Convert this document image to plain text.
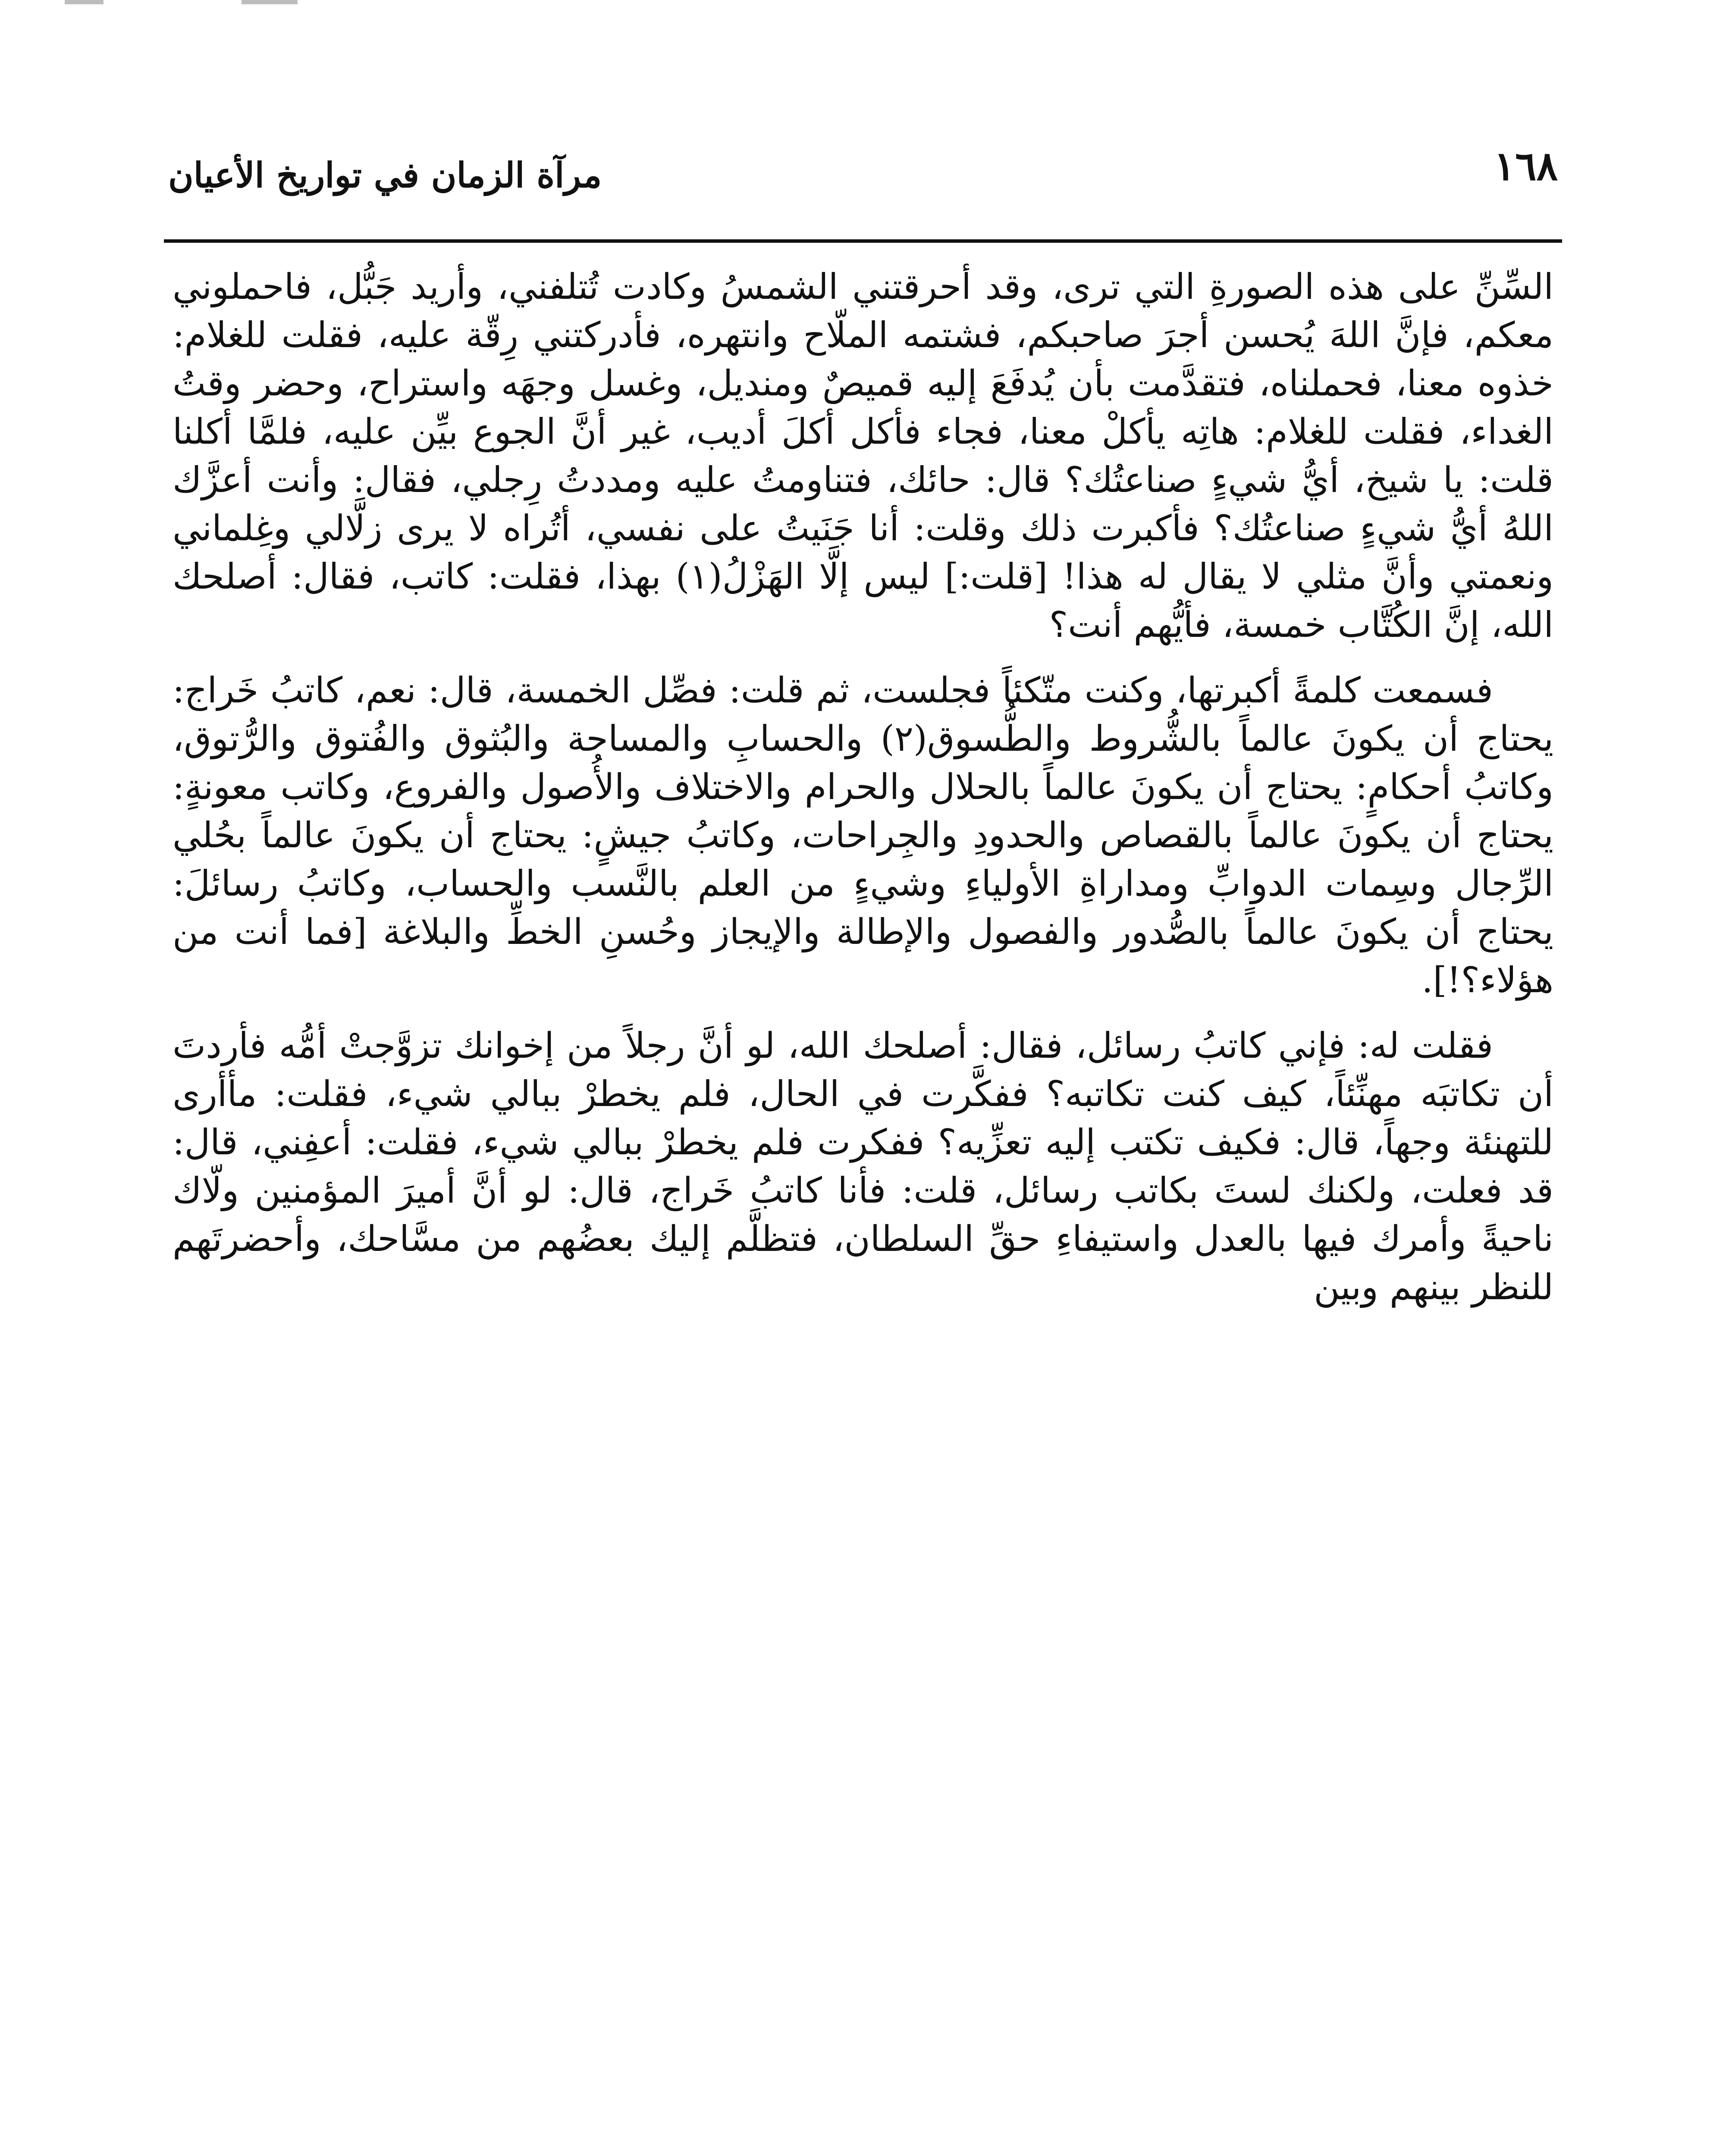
١٦٨
مرآة الزمان في تواريخ الأعيان

السِّنِّ على هذه الصورةِ التي ترى، وقد أحرقتني الشمسُ وكادت تُتلفني، وأريد جَبُّل، فاحملوني معكم، فإنَّ اللهَ يُحسن أجرَ صاحبكم، فشتمه الملّاح وانتهره، فأدركتني رِقّة عليه، فقلت للغلام: خذوه معنا، فحملناه، فتقدَّمت بأن يُدفَعَ إليه قميصٌ ومنديل، وغسل وجهَه واستراح، وحضر وقتُ الغداء، فقلت للغلام: هاتِه يأكلْ معنا، فجاء فأكل أكلَ أديب، غير أنَّ الجوع بيِّن عليه، فلمَّا أكلنا قلت: يا شيخ، أيُّ شيءٍ صناعتُك؟ قال: حائك، فتناومتُ عليه ومددتُ رِجلي، فقال: وأنت أعزَّك اللهُ أيُّ شيءٍ صناعتُك؟ فأكبرت ذلك وقلت: أنا جَنَيتُ على نفسي، أتُراه لا يرى زلَّالي وغِلماني ونعمتي وأنَّ مثلي لا يقال له هذا! [قلت:] ليس إلَّا الهَزْلُ(١) بهذا، فقلت: كاتب، فقال: أصلحك الله، إنَّ الكُتَّاب خمسة، فأيُّهم أنت؟

فسمعت كلمةً أكبرتها، وكنت متّكئاً فجلست، ثم قلت: فصِّل الخمسة، قال: نعم، كاتبُ خَراج: يحتاج أن يكونَ عالماً بالشُّروط والطُّسوق(٢) والحسابِ والمساحة والبُثوق والفُتوق والرُّتوق، وكاتبُ أحكامٍ: يحتاج أن يكونَ عالماً بالحلال والحرام والاختلاف والأُصول والفروع، وكاتب معونةٍ: يحتاج أن يكونَ عالماً بالقصاص والحدودِ والجِراحات، وكاتبُ جيشٍ: يحتاج أن يكونَ عالماً بحُلي الرِّجال وسِمات الدوابِّ ومداراةِ الأولياءِ وشيءٍ من العلم بالنَّسب والحساب، وكاتبُ رسائلَ: يحتاج أن يكونَ عالماً بالصُّدور والفصول والإطالة والإيجاز وحُسنِ الخطِّ والبلاغة [فما أنت من هؤلاء؟!].

فقلت له: فإني كاتبُ رسائل، فقال: أصلحك الله، لو أنَّ رجلاً من إخوانك تزوَّجتْ أمُّه فأردتَ أن تكاتبَه مهنِّئاً، كيف كنت تكاتبه؟ ففكَّرت في الحال، فلم يخطرْ ببالي شيء، فقلت: مأأرى للتهنئة وجهاً، قال: فكيف تكتب إليه تعزِّيه؟ ففكرت فلم يخطرْ ببالي شيء، فقلت: أعفِني، قال: قد فعلت، ولكنك لستَ بكاتب رسائل، قلت: فأنا كاتبُ خَراج، قال: لو أنَّ أميرَ المؤمنين ولّاك ناحيةً وأمرك فيها بالعدل واستيفاءِ حقِّ السلطان، فتظلَّم إليك بعضُهم من مسَّاحك، وأحضرتَهم للنظر بينهم وبين
